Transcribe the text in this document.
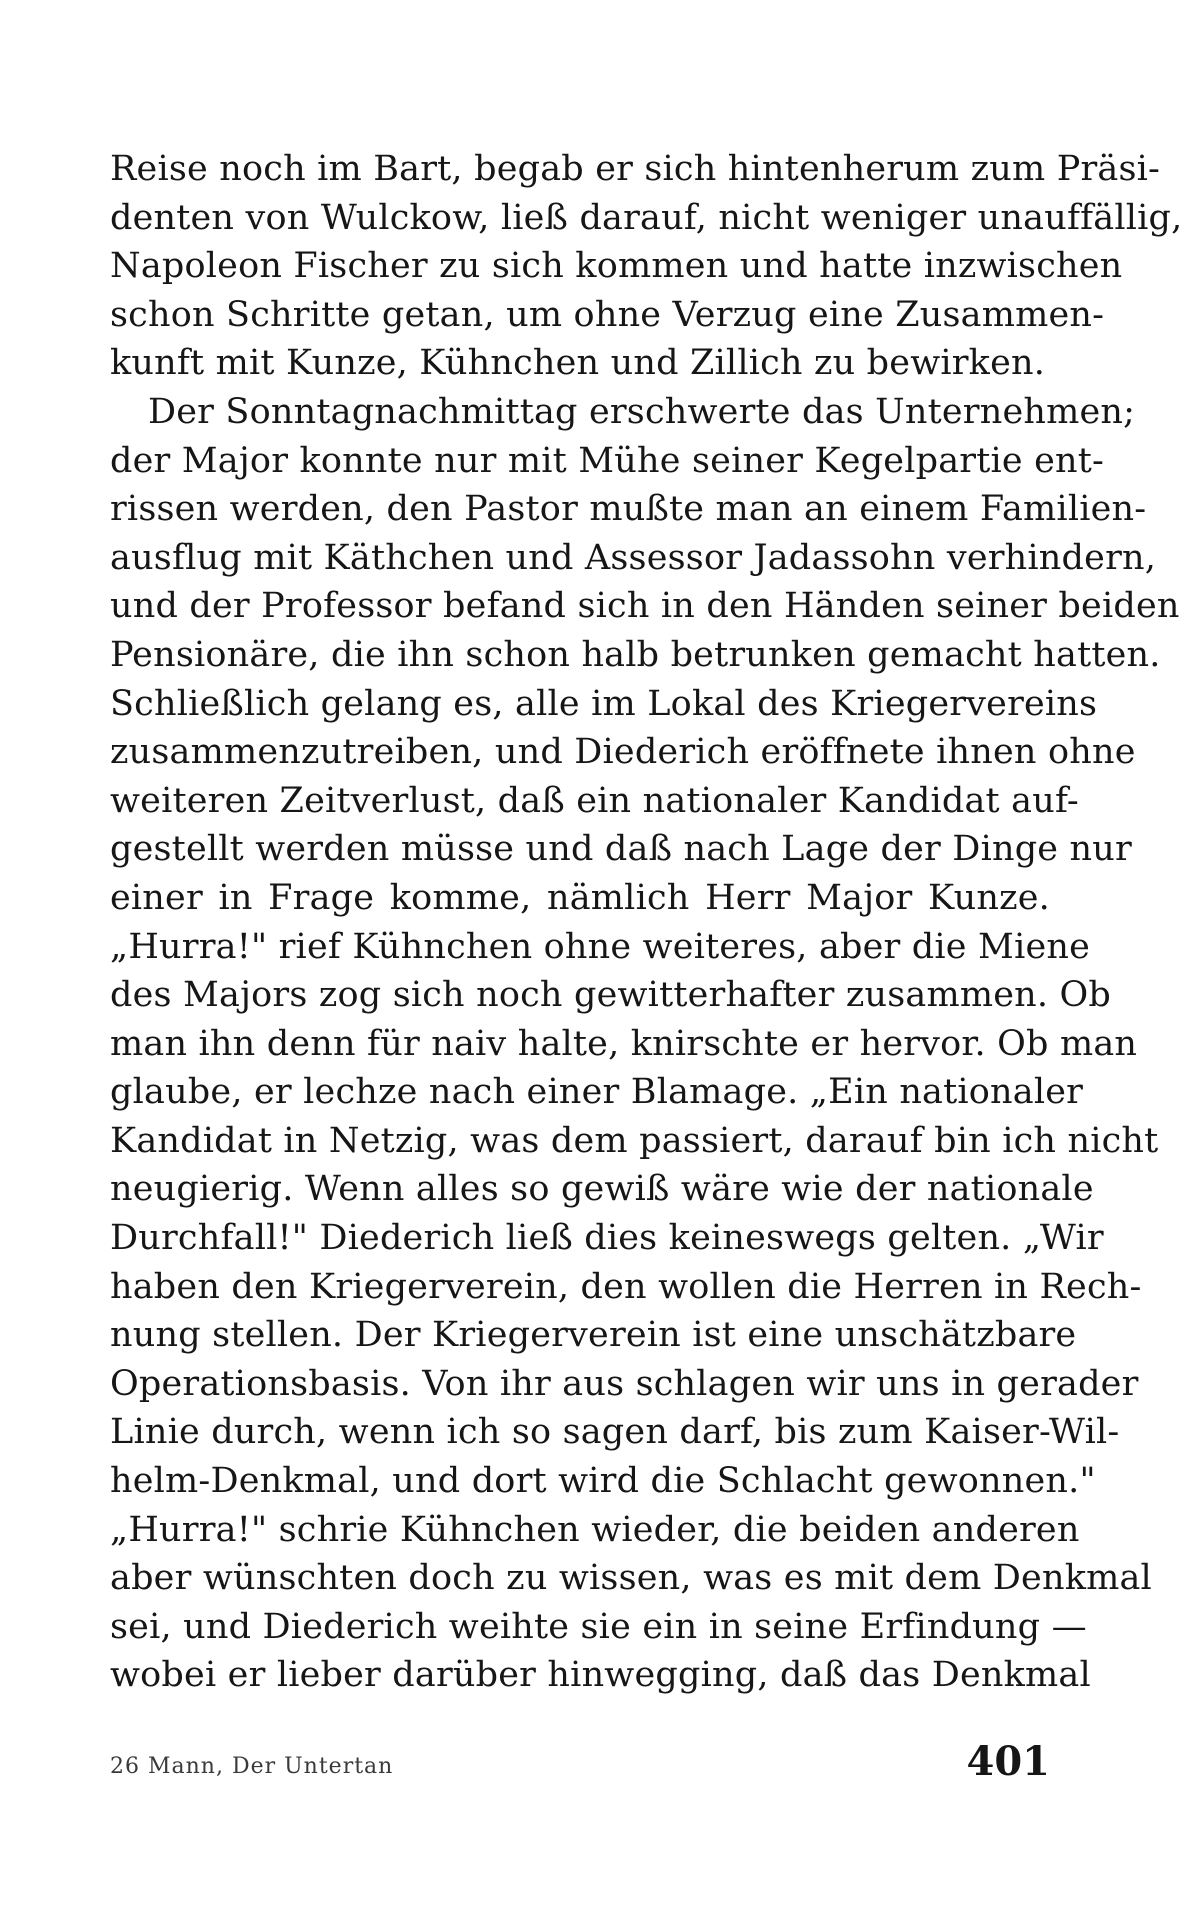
Reise noch im Bart, begab er sich hintenherum zum Präsi-
denten von Wulckow, ließ darauf, nicht weniger unauffällig,
Napoleon Fischer zu sich kommen und hatte inzwischen
schon Schritte getan, um ohne Verzug eine Zusammen-
kunft mit Kunze, Kühnchen und Zillich zu bewirken.
Der Sonntagnachmittag erschwerte das Unternehmen;
der Major konnte nur mit Mühe seiner Kegelpartie ent-
rissen werden, den Pastor mußte man an einem Familien-
ausflug mit Käthchen und Assessor Jadassohn verhindern,
und der Professor befand sich in den Händen seiner beiden
Pensionäre, die ihn schon halb betrunken gemacht hatten.
Schließlich gelang es, alle im Lokal des Kriegervereins
zusammenzutreiben, und Diederich eröffnete ihnen ohne
weiteren Zeitverlust, daß ein nationaler Kandidat auf-
gestellt werden müsse und daß nach Lage der Dinge nur
einer in Frage komme, nämlich Herr Major Kunze.
„Hurra!" rief Kühnchen ohne weiteres, aber die Miene
des Majors zog sich noch gewitterhafter zusammen. Ob
man ihn denn für naiv halte, knirschte er hervor. Ob man
glaube, er lechze nach einer Blamage. „Ein nationaler
Kandidat in Netzig, was dem passiert, darauf bin ich nicht
neugierig. Wenn alles so gewiß wäre wie der nationale
Durchfall!" Diederich ließ dies keineswegs gelten. „Wir
haben den Kriegerverein, den wollen die Herren in Rech-
nung stellen. Der Kriegerverein ist eine unschätzbare
Operationsbasis. Von ihr aus schlagen wir uns in gerader
Linie durch, wenn ich so sagen darf, bis zum Kaiser-Wil-
helm-Denkmal, und dort wird die Schlacht gewonnen."
„Hurra!" schrie Kühnchen wieder, die beiden anderen
aber wünschten doch zu wissen, was es mit dem Denkmal
sei, und Diederich weihte sie ein in seine Erfindung —
wobei er lieber darüber hinwegging, daß das Denkmal
26 Mann, Der Untertan	401
